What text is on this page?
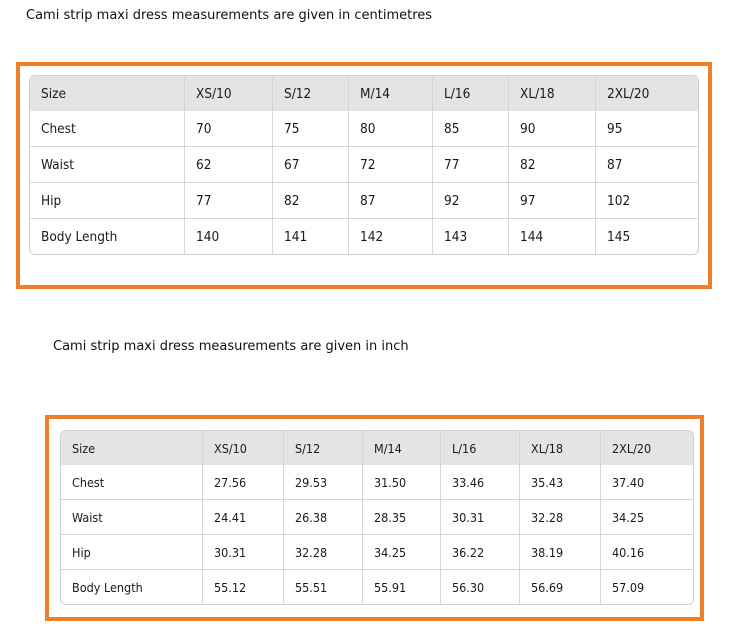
Cami strip maxi dress measurements are given in centimetres
Size	XS/10	S/12	M/14	L/16	XL/18	2XL/20
Chest	70	75	80	85	90	95
Waist	62	67	72	77	82	87
Hip	77	82	87	92	97	102
Body Length	140	141	142	143	144	145
Cami strip maxi dress measurements are given in inch
Size	XS/10	S/12	M/14	L/16	XL/18	2XL/20
Chest	27.56	29.53	31.50	33.46	35.43	37.40
Waist	24.41	26.38	28.35	30.31	32.28	34.25
Hip	30.31	32.28	34.25	36.22	38.19	40.16
Body Length	55.12	55.51	55.91	56.30	56.69	57.09
